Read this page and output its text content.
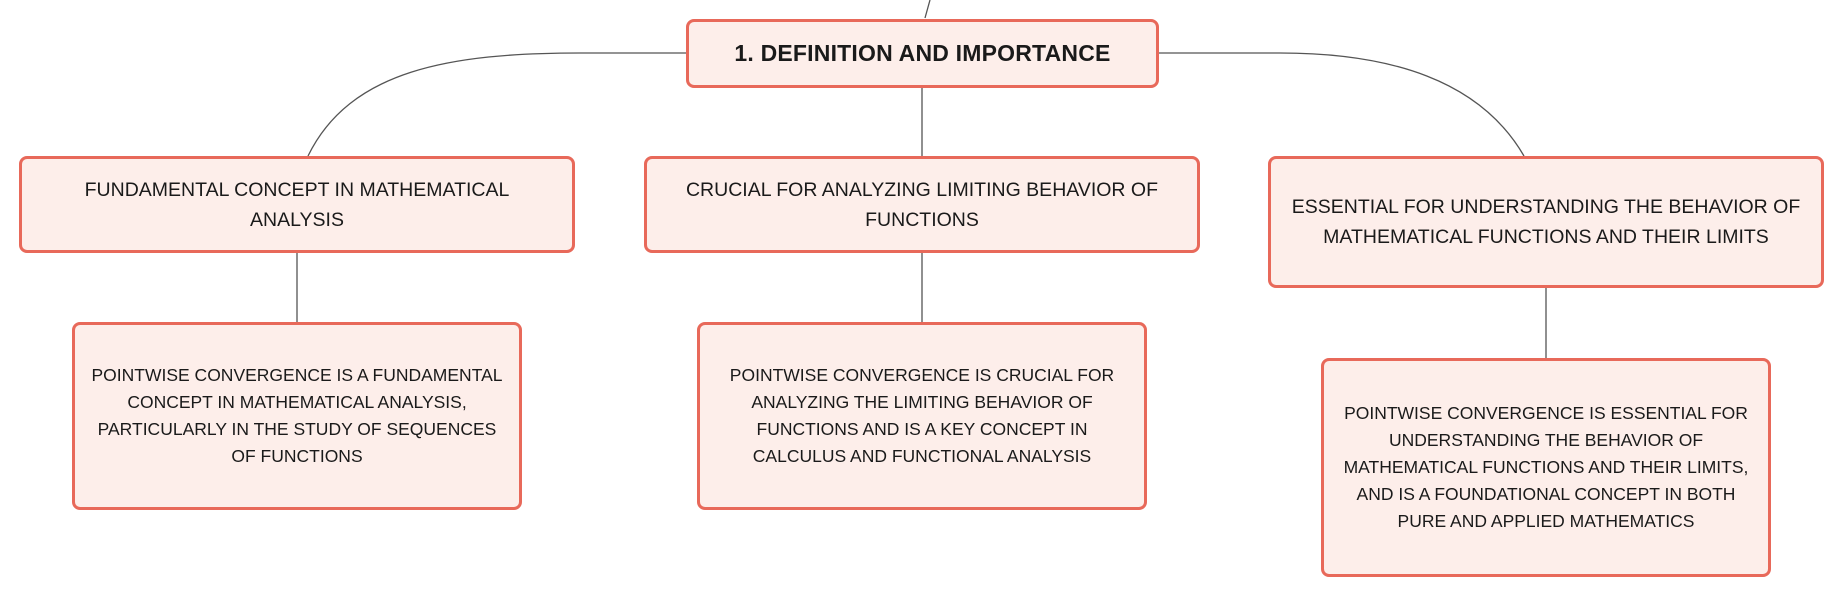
1. DEFINITION AND IMPORTANCE
FUNDAMENTAL CONCEPT IN MATHEMATICAL ANALYSIS
CRUCIAL FOR ANALYZING LIMITING BEHAVIOR OF FUNCTIONS
ESSENTIAL FOR UNDERSTANDING THE BEHAVIOR OF MATHEMATICAL FUNCTIONS AND THEIR LIMITS
POINTWISE CONVERGENCE IS A FUNDAMENTAL CONCEPT IN MATHEMATICAL ANALYSIS, PARTICULARLY IN THE STUDY OF SEQUENCES OF FUNCTIONS
POINTWISE CONVERGENCE IS CRUCIAL FOR ANALYZING THE LIMITING BEHAVIOR OF FUNCTIONS AND IS A KEY CONCEPT IN CALCULUS AND FUNCTIONAL ANALYSIS
POINTWISE CONVERGENCE IS ESSENTIAL FOR UNDERSTANDING THE BEHAVIOR OF MATHEMATICAL FUNCTIONS AND THEIR LIMITS, AND IS A FOUNDATIONAL CONCEPT IN BOTH PURE AND APPLIED MATHEMATICS
